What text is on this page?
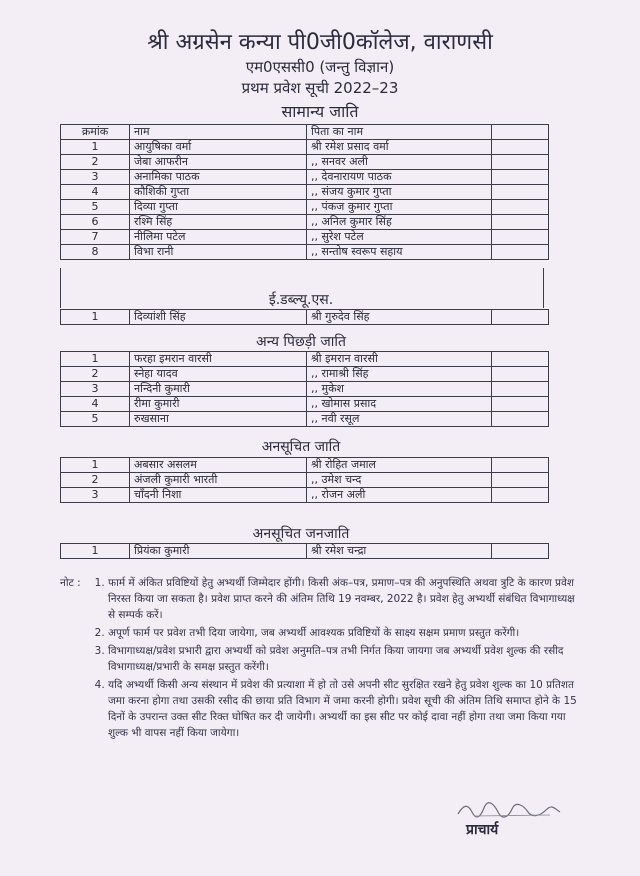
श्री अग्रसेन कन्या पी0जी0कॉलेज, वाराणसी
एम0एससी0 (जन्तु विज्ञान)
प्रथम प्रवेश सूची 2022–23
सामान्य जाति
क्रमांक	नाम	पिता का नाम	
1	आयुषिका वर्मा	श्री रमेश प्रसाद वर्मा	
2	जेबा आफरीन	,, सनवर अली	
3	अनामिका पाठक	,, देवनारायण पाठक	
4	कौशिकी गुप्ता	,, संजय कुमार गुप्ता	
5	दिव्या गुप्ता	,, पंकज कुमार गुप्ता	
6	रश्मि सिंह	,, अनिल कुमार सिंह	
7	नीलिमा पटेल	,, सुरेश पटेल	
8	विभा रानी	,, सन्तोष स्वरूप सहाय	
ई.डब्ल्यू.एस.
1	दिव्यांशी सिंह	श्री गुरुदेव सिंह	
अन्य पिछड़ी जाति
1	फरहा इमरान वारसी	श्री इमरान वारसी	
2	स्नेहा यादव	,, रामाश्री सिंह	
3	नन्दिनी कुमारी	,, मुकेश	
4	रीमा कुमारी	,, खोमास प्रसाद	
5	रुखसाना	,, नवी रसूल	
अनसूचित जाति
1	अबसार असलम	श्री रोहित जमाल	
2	अंजली कुमारी भारती	,, उमेश चन्द	
3	चाँदनी निशा	,, रोजन अली	
अनसूचित जनजाति
1	प्रियंका कुमारी	श्री रमेश चन्द्रा	
नोट :	1. फार्म में अंकित प्रविष्टियों हेतु अभ्यर्थी जिम्मेदार होंगी। किसी अंक–पत्र, प्रमाण–पत्र की अनुपस्थिति अथवा त्रुटि के कारण प्रवेश निरस्त किया जा सकता है। प्रवेश प्राप्त करने की अंतिम तिथि 19 नवम्बर, 2022 है। प्रवेश हेतु अभ्यर्थी संबंधित विभागाध्यक्ष से सम्पर्क करें।
2. अपूर्ण फार्म पर प्रवेश तभी दिया जायेगा, जब अभ्यर्थी आवश्यक प्रविष्टियों के साक्ष्य सक्षम प्रमाण प्रस्तुत करेंगी।
3. विभागाध्यक्ष/प्रवेश प्रभारी द्वारा अभ्यर्थी को प्रवेश अनुमति–पत्र तभी निर्गत किया जायगा जब अभ्यर्थी प्रवेश शुल्क की रसीद विभागाध्यक्ष/प्रभारी के समक्ष प्रस्तुत करेंगी।
4. यदि अभ्यर्थी किसी अन्य संस्थान में प्रवेश की प्रत्याशा में हो तो उसे अपनी सीट सुरक्षित रखने हेतु प्रवेश शुल्क का 10 प्रतिशत जमा करना होगा तथा उसकी रसीद की छाया प्रति विभाग में जमा करनी होगी। प्रवेश सूची की अंतिम तिथि समाप्त होने के 15 दिनों के उपरान्त उक्त सीट रिक्त घोषित कर दी जायेगी। अभ्यर्थी का इस सीट पर कोई दावा नहीं होगा तथा जमा किया गया शुल्क भी वापस नहीं किया जायेगा।
प्राचार्य
